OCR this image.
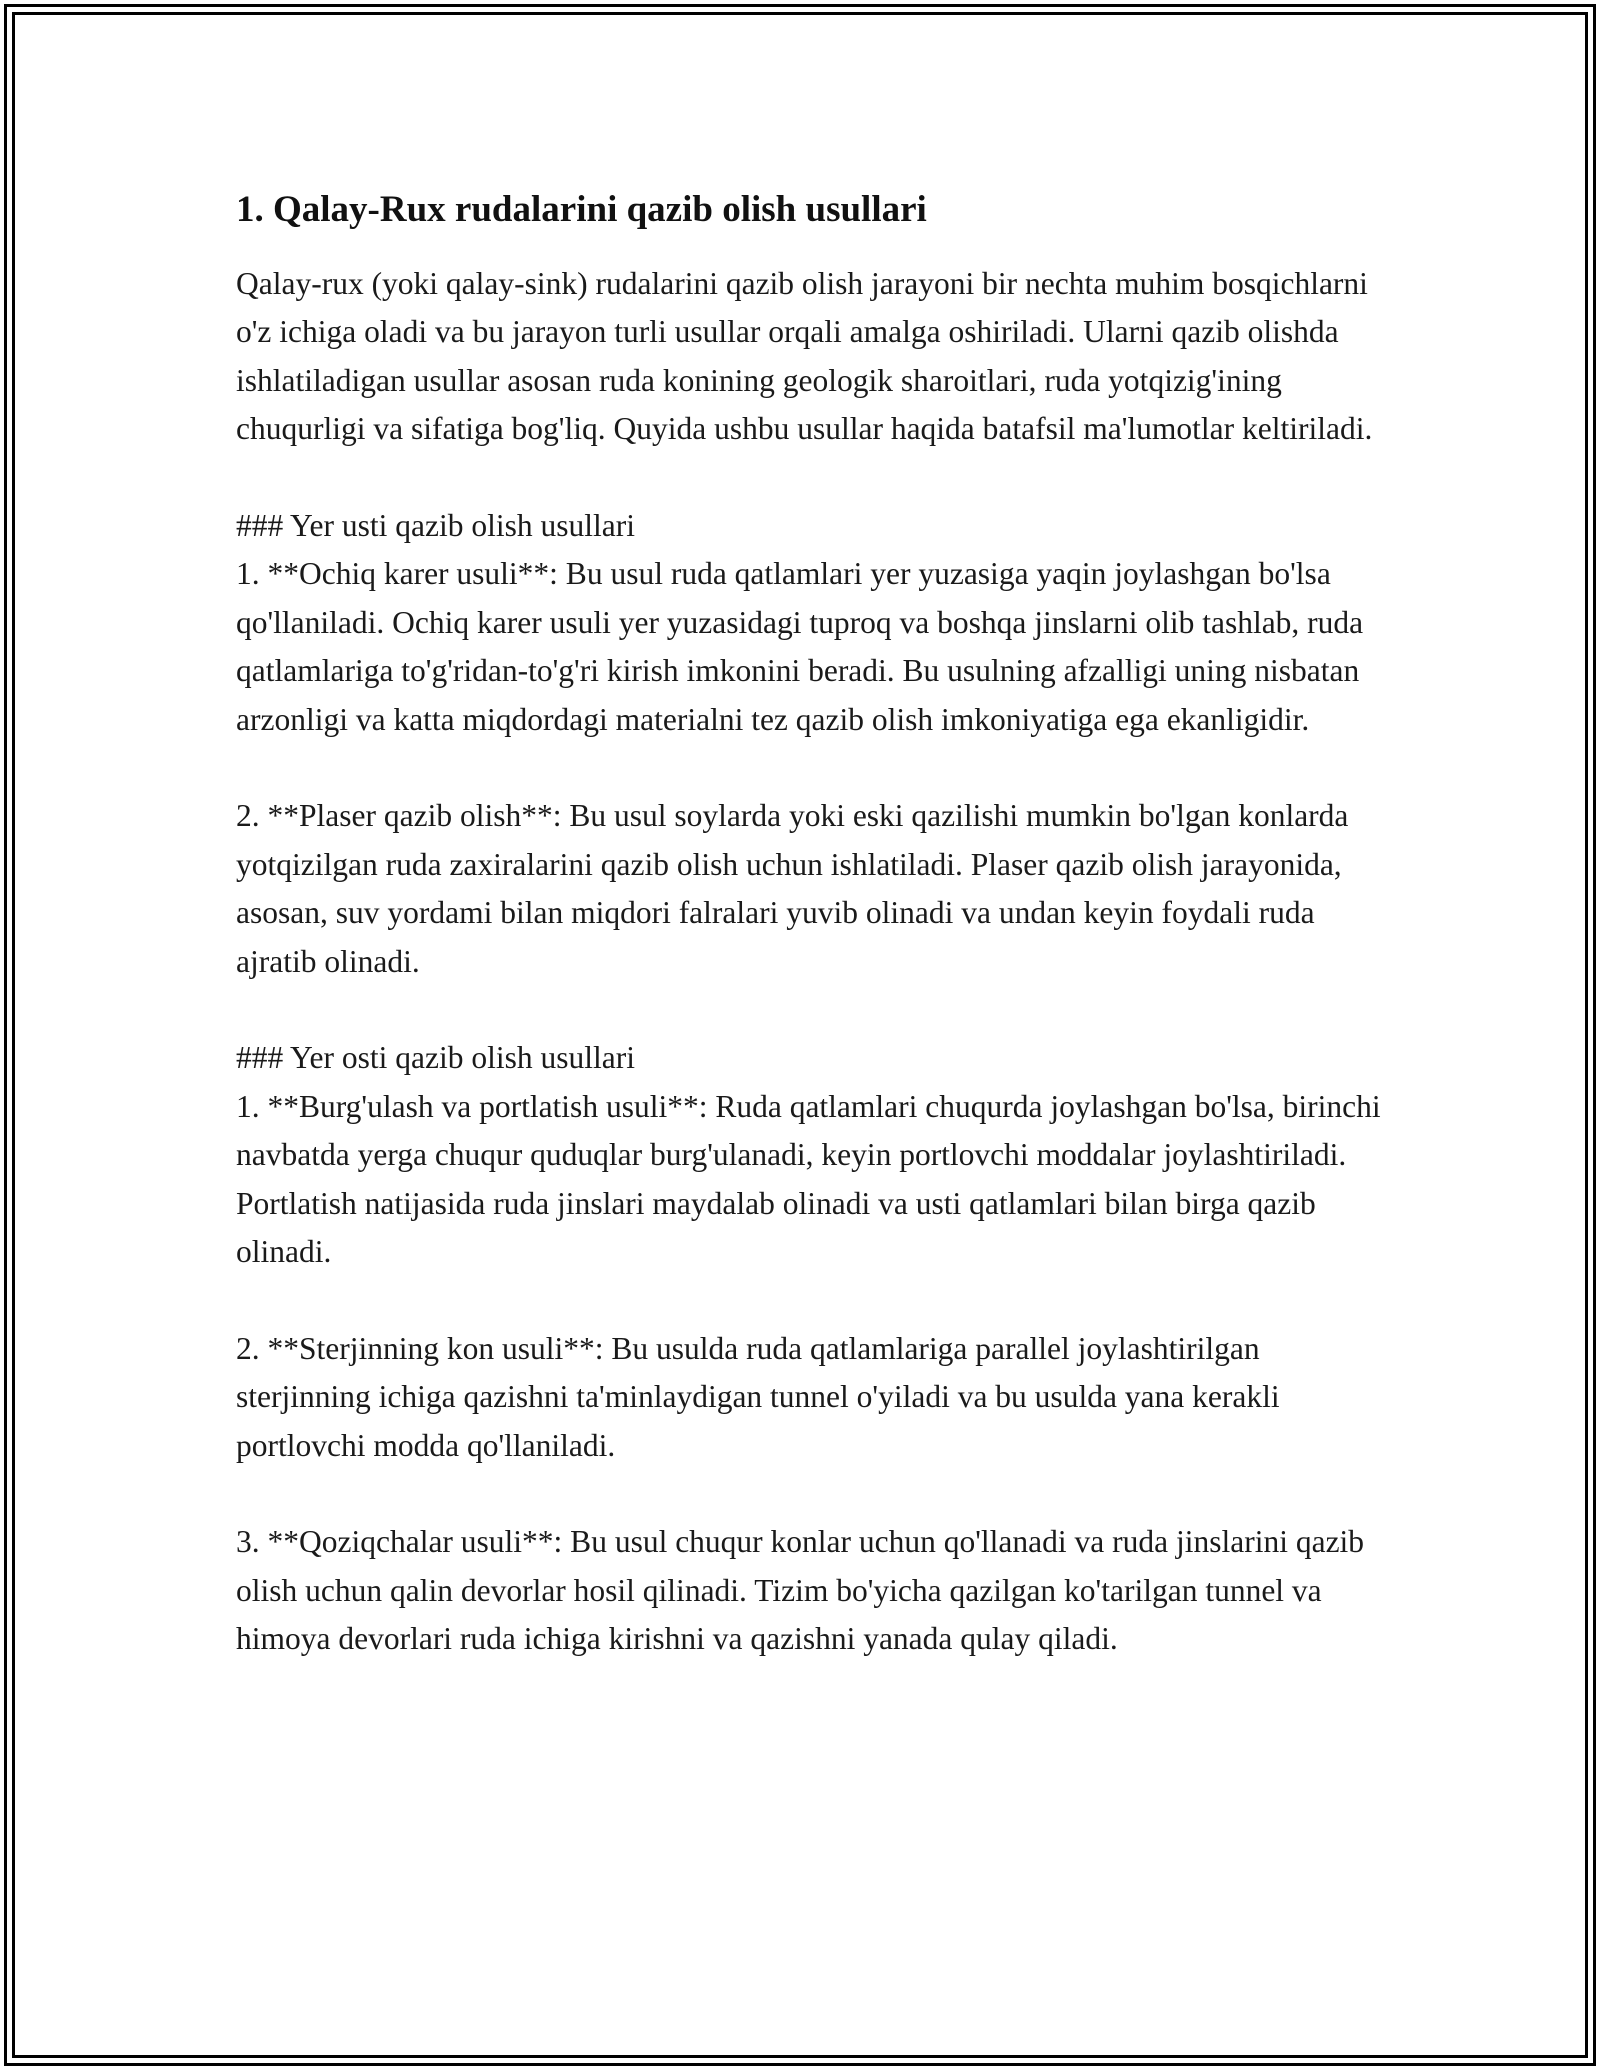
1. Qalay-Rux rudalarini qazib olish usullari

Qalay-rux (yoki qalay-sink) rudalarini qazib olish jarayoni bir nechta muhim bosqichlarni o'z ichiga oladi va bu jarayon turli usullar orqali amalga oshiriladi. Ularni qazib olishda ishlatiladigan usullar asosan ruda konining geologik sharoitlari, ruda yotqizig'ining chuqurligi va sifatiga bog'liq. Quyida ushbu usullar haqida batafsil ma'lumotlar keltiriladi.

### Yer usti qazib olish usullari
1. **Ochiq karer usuli**: Bu usul ruda qatlamlari yer yuzasiga yaqin joylashgan bo'lsa qo'llaniladi. Ochiq karer usuli yer yuzasidagi tuproq va boshqa jinslarni olib tashlab, ruda qatlamlariga to'g'ridan-to'g'ri kirish imkonini beradi. Bu usulning afzalligi uning nisbatan arzonligi va katta miqdordagi materialni tez qazib olish imkoniyatiga ega ekanligidir.
2. **Plaser qazib olish**: Bu usul soylarda yoki eski qazilishi mumkin bo'lgan konlarda yotqizilgan ruda zaxiralarini qazib olish uchun ishlatiladi. Plaser qazib olish jarayonida, asosan, suv yordami bilan miqdori falralari yuvib olinadi va undan keyin foydali ruda ajratib olinadi.
### Yer osti qazib olish usullari
1. **Burg'ulash va portlatish usuli**: Ruda qatlamlari chuqurda joylashgan bo'lsa, birinchi navbatda yerga chuqur quduqlar burg'ulanadi, keyin portlovchi moddalar joylashtiriladi. Portlatish natijasida ruda jinslari maydalab olinadi va usti qatlamlari bilan birga qazib olinadi.
2. **Sterjinning kon usuli**: Bu usulda ruda qatlamlariga parallel joylashtirilgan sterjinning ichiga qazishni ta'minlaydigan tunnel o'yiladi va bu usulda yana kerakli portlovchi modda qo'llaniladi.
3. **Qoziqchalar usuli**: Bu usul chuqur konlar uchun qo'llanadi va ruda jinslarini qazib olish uchun qalin devorlar hosil qilinadi. Tizim bo'yicha qazilgan ko'tarilgan tunnel va himoya devorlari ruda ichiga kirishni va qazishni yanada qulay qiladi.
